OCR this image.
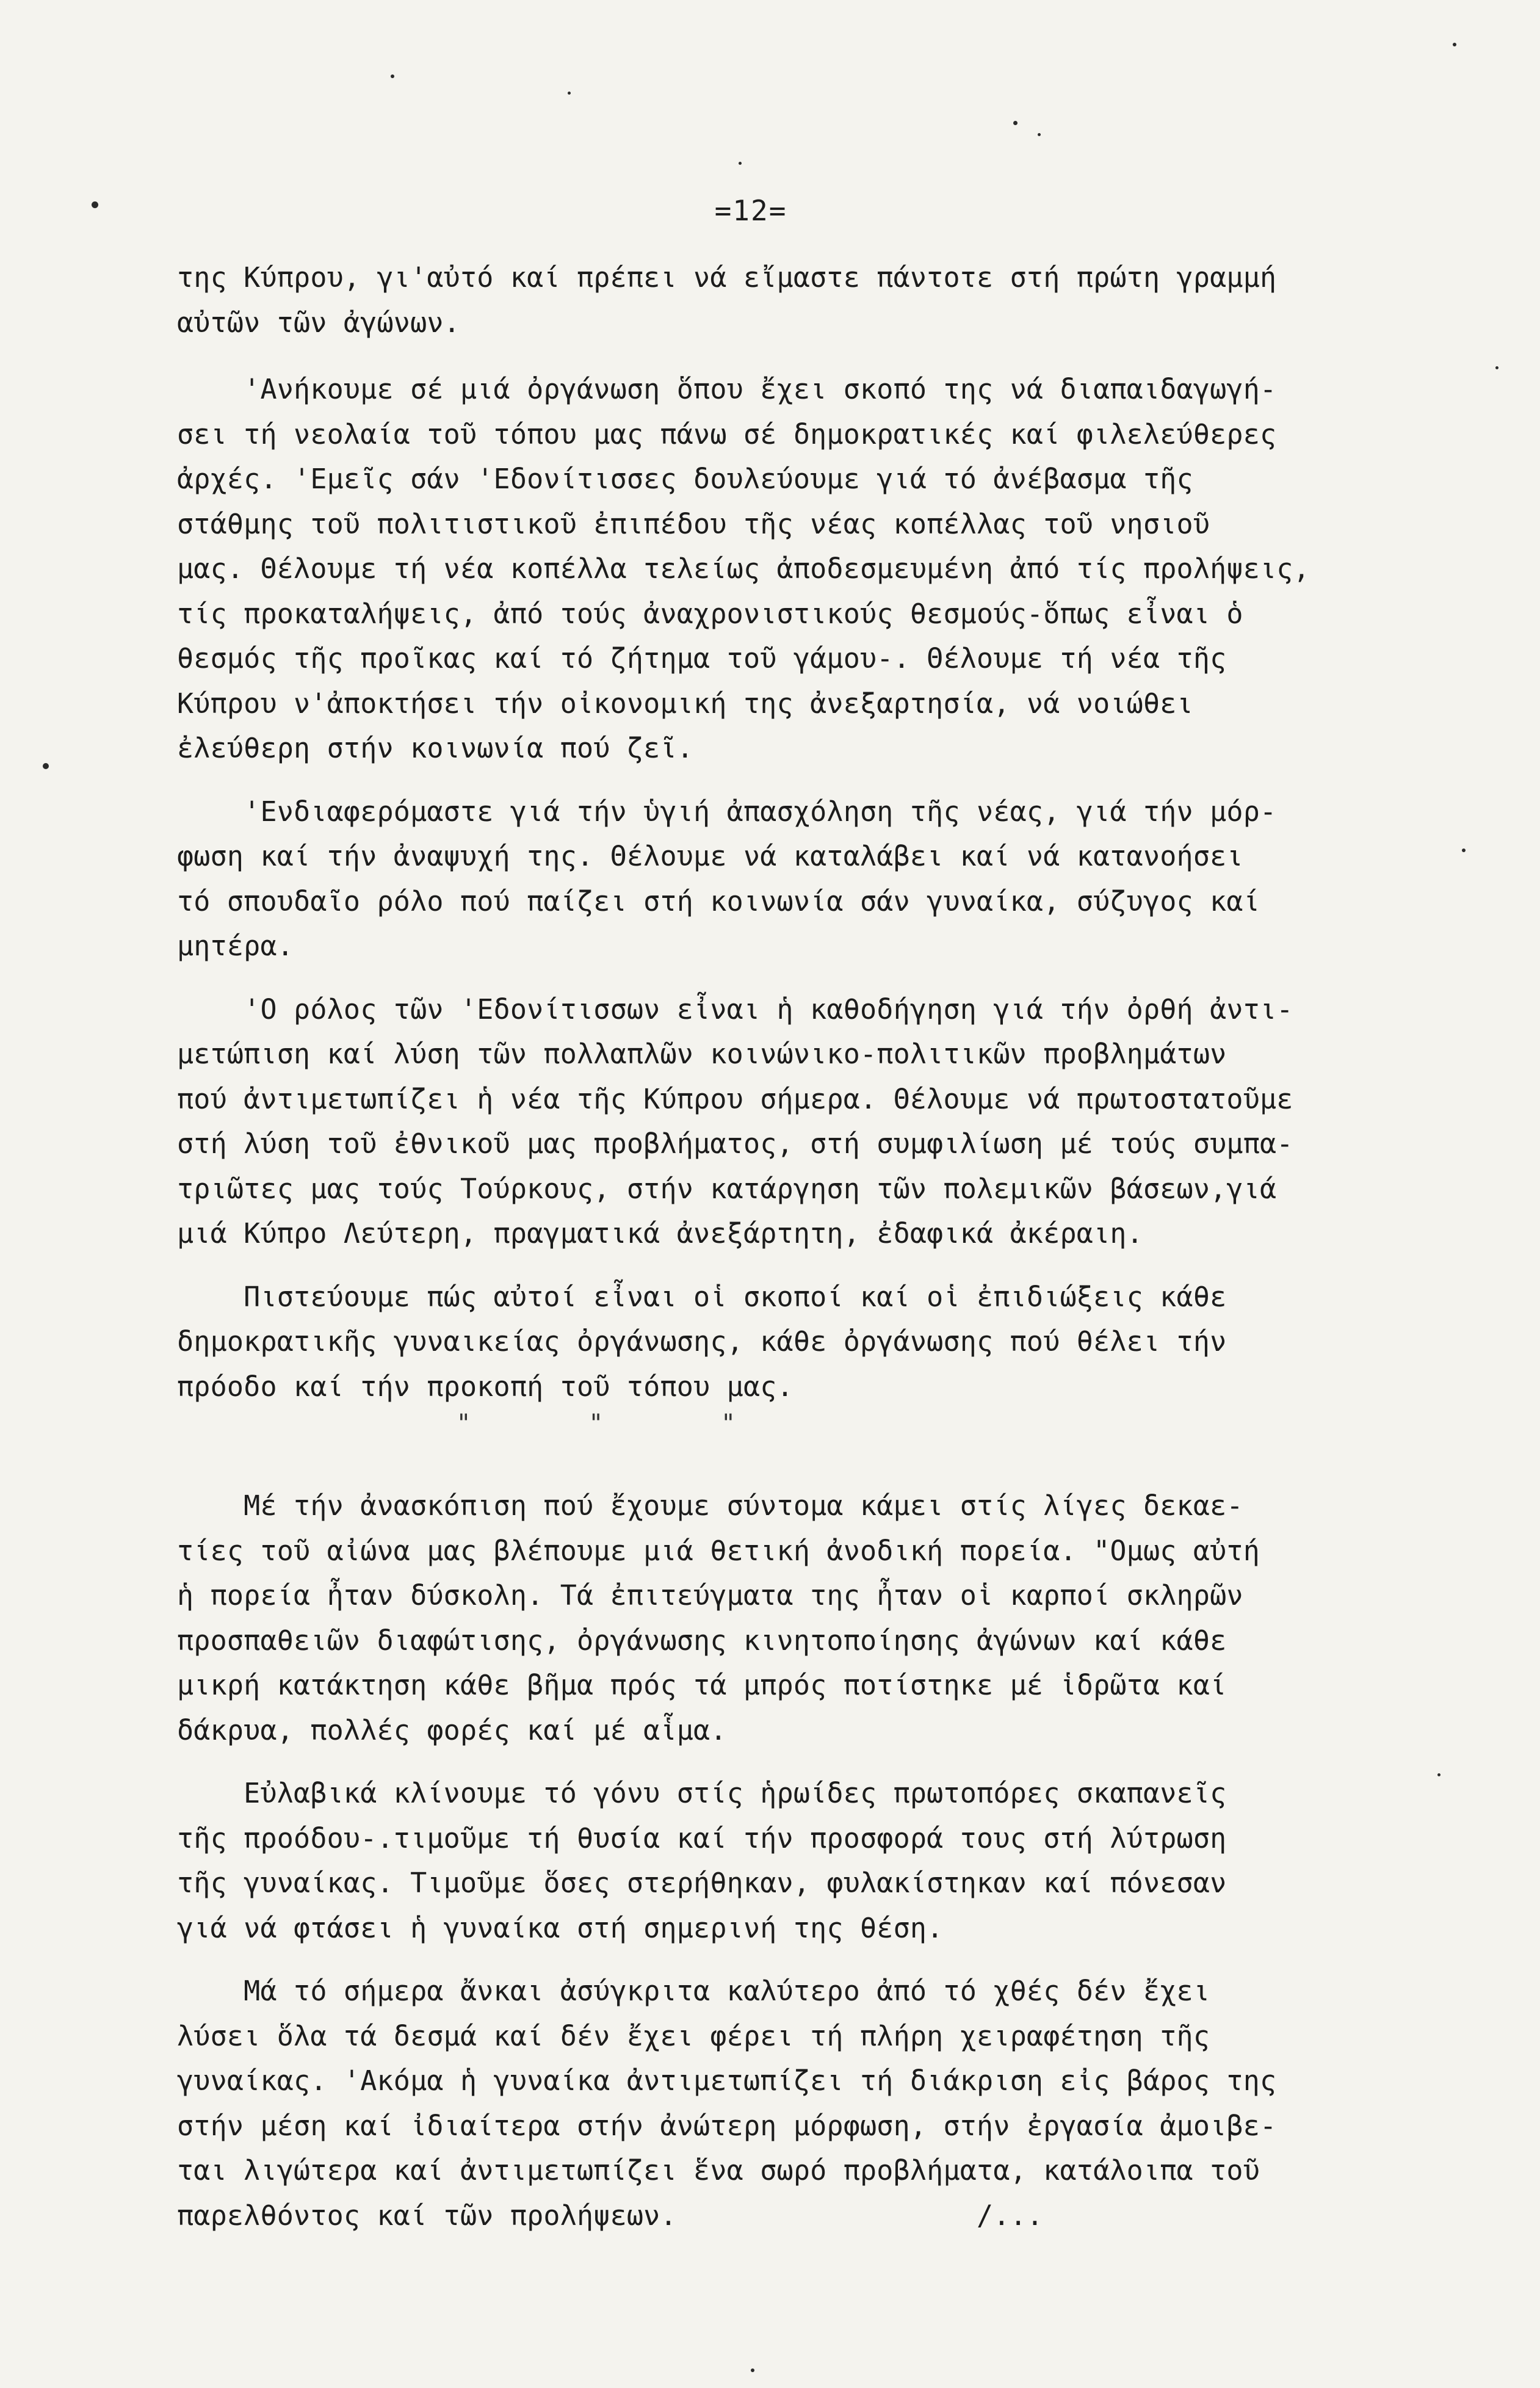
=12=

της Κύπρου, γι'αὐτό καί πρέπει νά εἴμαστε πάντοτε στή πρώτη γραμμή
αὐτῶν τῶν ἀγώνων.

'Ανήκουμε σέ μιά ὀργάνωση ὅπου ἔχει σκοπό της νά διαπαιδαγωγή-
σει τή νεολαία τοῦ τόπου μας πάνω σέ δημοκρατικές καί φιλελεύθερες
ἀρχές. 'Εμεῖς σάν 'Εδονίτισσες δουλεύουμε γιά τό ἀνέβασμα τῆς
στάθμης τοῦ πολιτιστικοῦ ἐπιπέδου τῆς νέας κοπέλλας τοῦ νησιοῦ
μας. Θέλουμε τή νέα κοπέλλα τελείως ἀποδεσμευμένη ἀπό τίς προλήψεις,
τίς προκαταλήψεις, ἀπό τούς ἀναχρονιστικούς θεσμούς-ὅπως εἶναι ὁ
θεσμός τῆς προῖκας καί τό ζήτημα τοῦ γάμου-. Θέλουμε τή νέα τῆς
Κύπρου ν'ἀποκτήσει τήν οἰκονομική της ἀνεξαρτησία, νά νοιώθει
ἐλεύθερη στήν κοινωνία πού ζεῖ.

'Ενδιαφερόμαστε γιά τήν ὑγιή ἀπασχόληση τῆς νέας, γιά τήν μόρ-
φωση καί τήν ἀναψυχή της. Θέλουμε νά καταλάβει καί νά κατανοήσει
τό σπουδαῖο ρόλο πού παίζει στή κοινωνία σάν γυναίκα, σύζυγος καί
μητέρα.

'Ο ρόλος τῶν 'Εδονίτισσων εἶναι ἡ καθοδήγηση γιά τήν ὀρθή ἀντι-
μετώπιση καί λύση τῶν πολλαπλῶν κοινώνικο-πολιτικῶν προβλημάτων
πού ἀντιμετωπίζει ἡ νέα τῆς Κύπρου σήμερα. Θέλουμε νά πρωτοστατοῦμε
στή λύση τοῦ ἐθνικοῦ μας προβλήματος, στή συμφιλίωση μέ τούς συμπα-
τριῶτες μας τούς Τούρκους, στήν κατάργηση τῶν πολεμικῶν βάσεων,γιά
μιά Κύπρο Λεύτερη, πραγματικά ἀνεξάρτητη, ἐδαφικά ἀκέραιη.

Πιστεύουμε πώς αὐτοί εἶναι οἱ σκοποί καί οἱ ἐπιδιώξεις κάθε
δημοκρατικῆς γυναικείας ὀργάνωσης, κάθε ὀργάνωσης πού θέλει τήν
πρόοδο καί τήν προκοπή τοῦ τόπου μας.

"        "        "

Μέ τήν ἀνασκόπιση πού ἔχουμε σύντομα κάμει στίς λίγες δεκαε-
τίες τοῦ αἰώνα μας βλέπουμε μιά θετική ἀνοδική πορεία. "Ομως αὐτή
ἡ πορεία ἦταν δύσκολη. Τά ἐπιτεύγματα της ἦταν οἱ καρποί σκληρῶν
προσπαθειῶν διαφώτισης, ὀργάνωσης κινητοποίησης ἀγώνων καί κάθε
μικρή κατάκτηση κάθε βῆμα πρός τά μπρός ποτίστηκε μέ ἱδρῶτα καί
δάκρυα, πολλές φορές καί μέ αἷμα.

Εὐλαβικά κλίνουμε τό γόνυ στίς ἡρωίδες πρωτοπόρες σκαπανεῖς
τῆς προόδου-.τιμοῦμε τή θυσία καί τήν προσφορά τους στή λύτρωση
τῆς γυναίκας. Τιμοῦμε ὅσες στερήθηκαν, φυλακίστηκαν καί πόνεσαν
γιά νά φτάσει ἡ γυναίκα στή σημερινή της θέση.

Μά τό σήμερα ἄνκαι ἀσύγκριτα καλύτερο ἀπό τό χθές δέν ἔχει
λύσει ὅλα τά δεσμά καί δέν ἔχει φέρει τή πλήρη χειραφέτηση τῆς
γυναίκας. 'Ακόμα ἡ γυναίκα ἀντιμετωπίζει τή διάκριση εἰς βάρος της
στήν μέση καί ἰδιαίτερα στήν ἀνώτερη μόρφωση, στήν ἐργασία ἀμοιβε-
ται λιγώτερα καί ἀντιμετωπίζει ἕνα σωρό προβλήματα, κατάλοιπα τοῦ
παρελθόντος καί τῶν προλήψεων.                  /...
